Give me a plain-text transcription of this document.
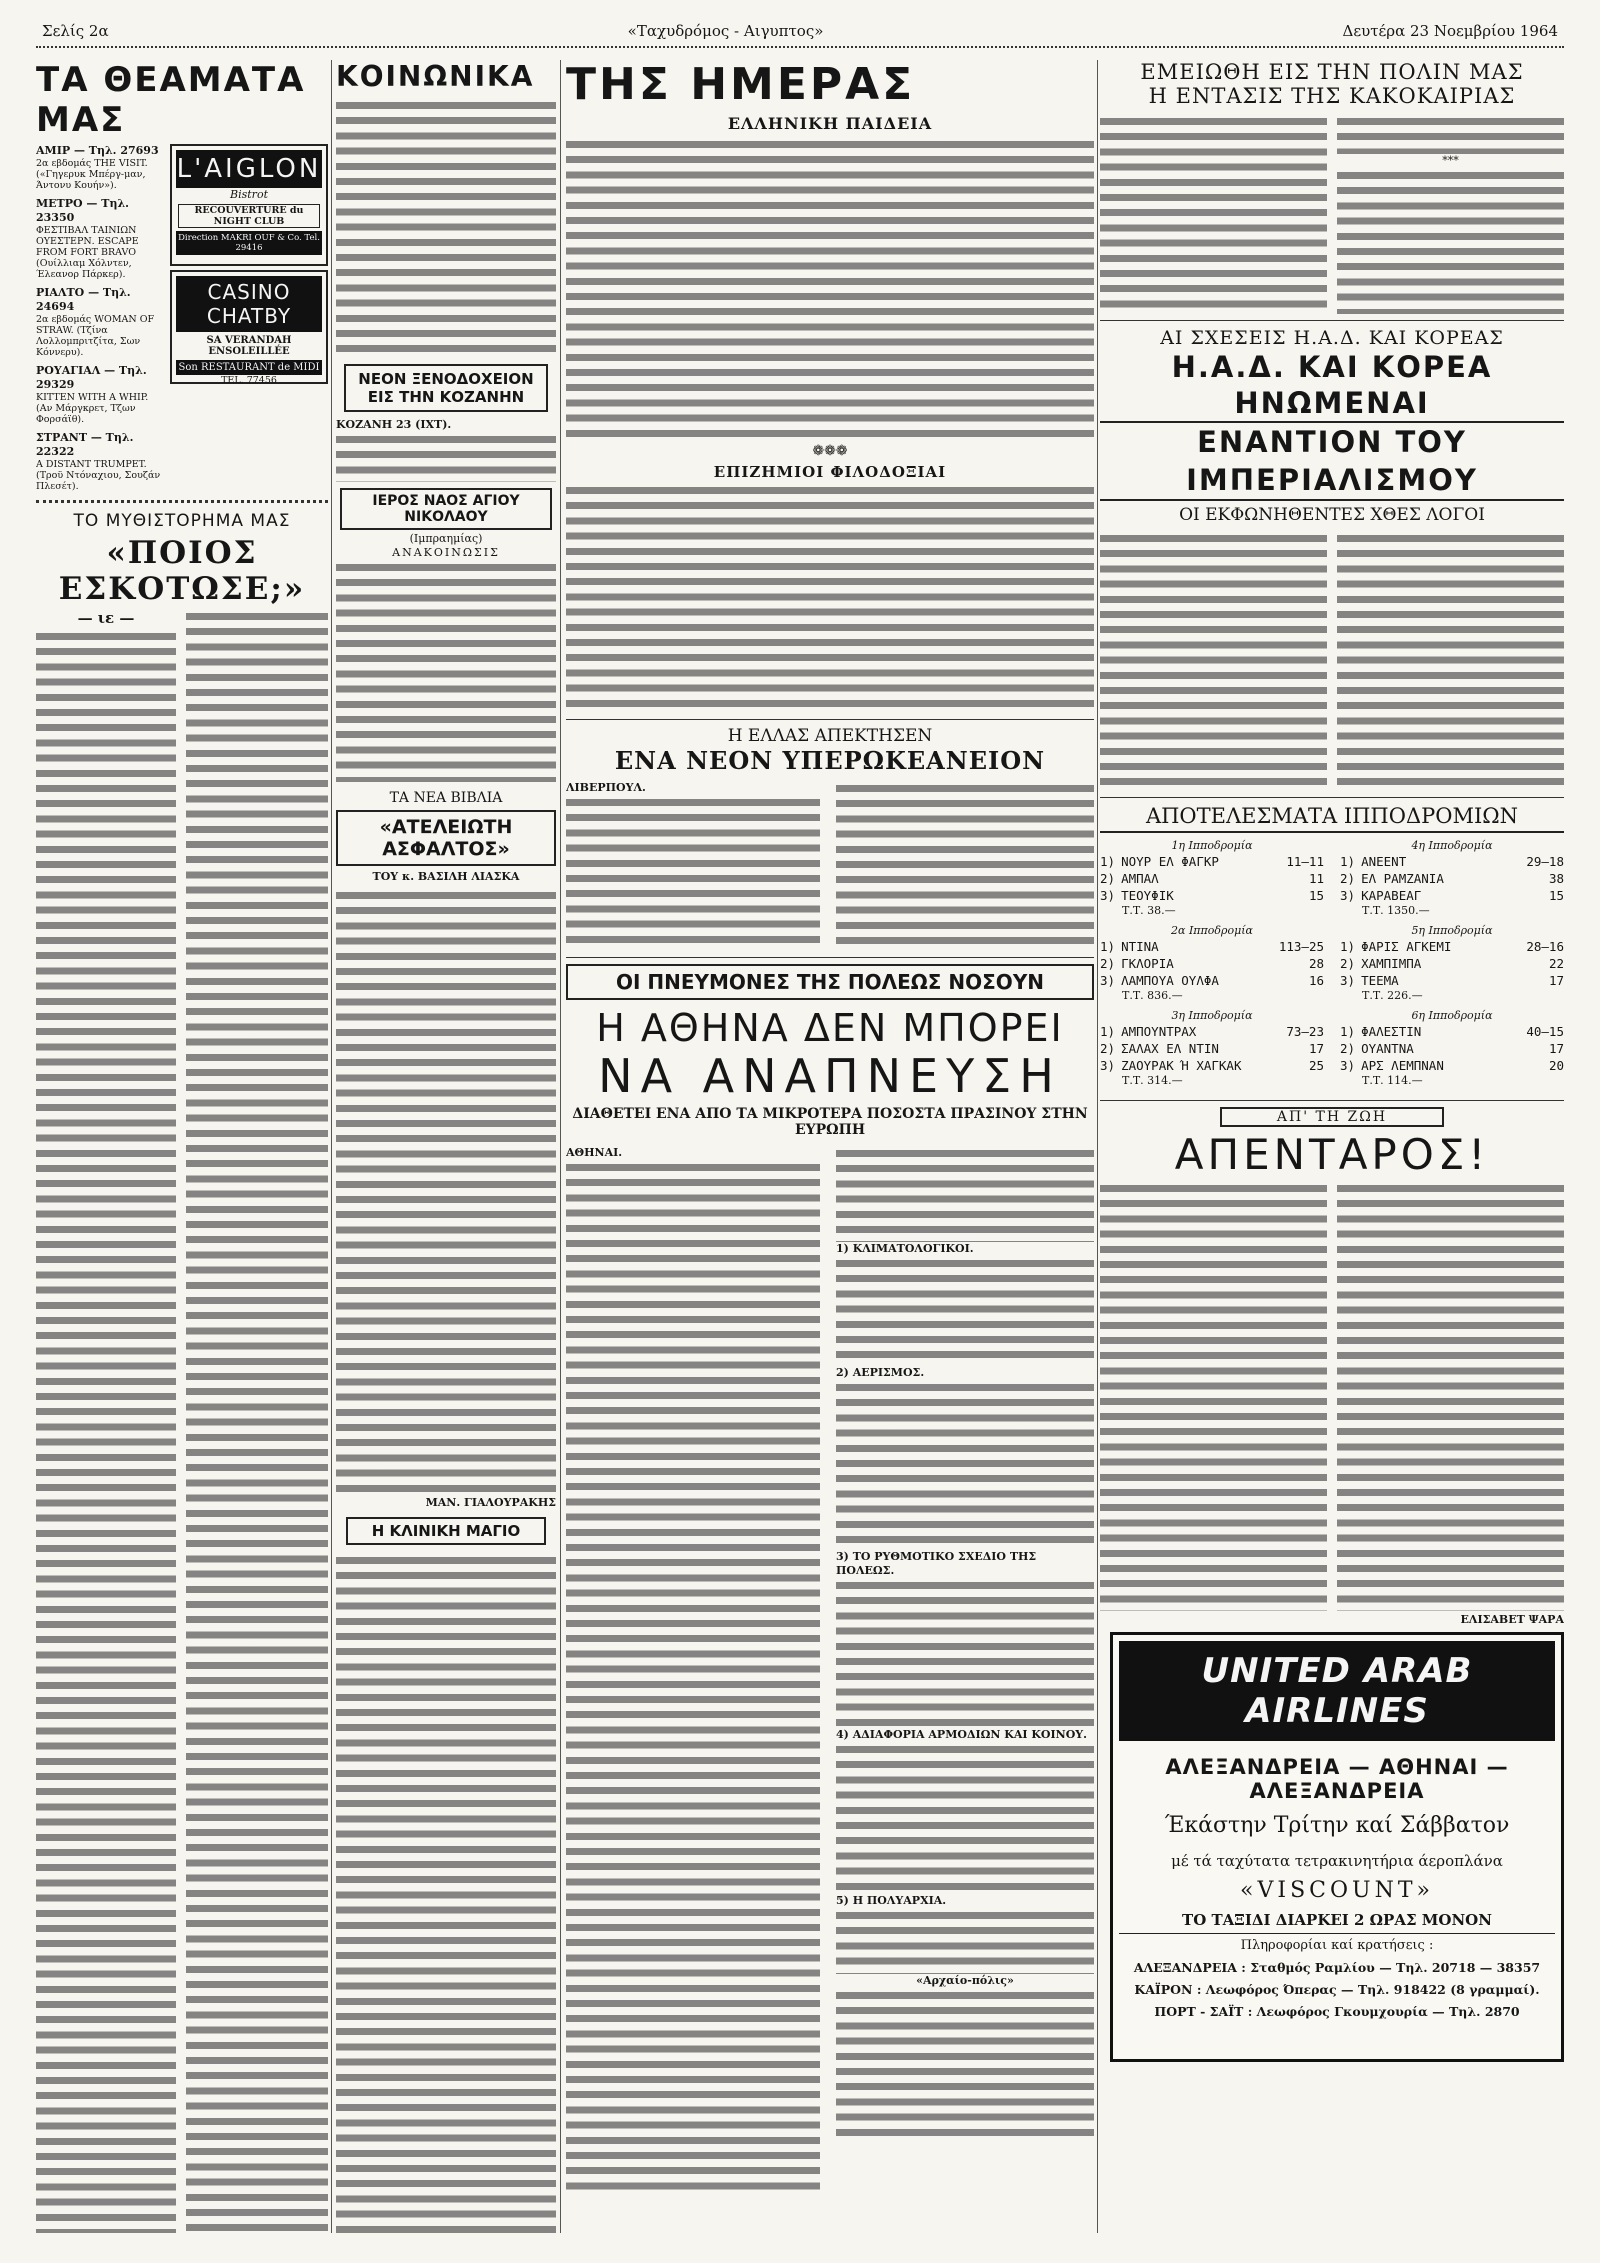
Σελίς 2α	«Ταχυδρόμος - Αιγυπτος»	Δευτέρα 23 Νοεμβρίου 1964
ΤΑ ΘΕΑΜΑΤΑ ΜΑΣ
ΑΜΙΡ — Τηλ. 27693
2α εβδομάς THE VISIT. («Γηγερυκ Μπέργ-μαν, Άντονυ Κουήν»).
ΜΕΤΡΟ — Τηλ. 23350
ΦΕΣΤΙΒΑΛ ΤΑΙΝΙΩΝ ΟΥΕΣΤΕΡΝ. ESCAPE FROM FORT BRAVO (Ουίλλιαμ Χόλντεν, Έλεανορ Πάρκερ).
ΡΙΑΛΤΟ — Τηλ. 24694
2α εβδομάς WOMAN OF STRAW. (Τζίνα Λολλομπριτζίτα, Σων Κόννερυ).
ΡΟΥΑΓΙΑΛ — Τηλ. 29329
KITTEN WITH A WHIP. (Αν Μάργκρετ, Τζων Φορσάϊθ).
ΣΤΡΑΝΤ — Τηλ. 22322
A DISTANT TRUMPET. (Τροϋ Ντόναχιου, Σουζάν Πλεσέτ).
L'AIGLON
Bistrot
RECOUVERTURE du NIGHT CLUB
Direction MAKRI OUF & Co. Tel. 29416
CASINO CHATBY
SA VERANDAH ENSOLEILLÉE
Son RESTAURANT de MIDI
TEL. 77456
ΤΟ ΜΥΘΙΣΤΟΡΗΜΑ ΜΑΣ
«ΠΟΙΟΣ ΕΣΚΟΤΩΣΕ;»
— ιε —
ΚΟΙΝΩΝΙΚΑ
ΝΕΟΝ ΞΕΝΟΔΟΧΕΙΟΝ ΕΙΣ ΤΗΝ ΚΟΖΑΝΗΝ
ΚΟΖΑΝΗ 23 (ΙΧΤ).
ΙΕΡΟΣ ΝΑΟΣ ΑΓΙΟΥ ΝΙΚΟΛΑΟΥ
(Ιμπραημίας)
ΑΝΑΚΟΙΝΩΣΙΣ
ΤΑ ΝΕΑ ΒΙΒΛΙΑ
«ΑΤΕΛΕΙΩΤΗ ΑΣΦΑΛΤΟΣ»
ΤΟΥ κ. ΒΑΣΙΛΗ ΛΙΑΣΚΑ
ΜΑΝ. ΓΙΑΛΟΥΡΑΚΗΣ
Η ΚΛΙΝΙΚΗ ΜΑΓΙΟ
ΤΗΣ ΗΜΕΡΑΣ
ΕΛΛΗΝΙΚΗ ΠΑΙΔΕΙΑ
❁❁❁
ΕΠΙΖΗΜΙΟΙ ΦΙΛΟΔΟΞΙΑΙ
Η ΕΛΛΑΣ ΑΠΕΚΤΗΣΕΝ
ΕΝΑ ΝΕΟΝ ΥΠΕΡΩΚΕΑΝΕΙΟΝ
ΛΙΒΕΡΠΟΥΛ.
ΟΙ ΠΝΕΥΜΟΝΕΣ ΤΗΣ ΠΟΛΕΩΣ ΝΟΣΟΥΝ
Η ΑΘΗΝΑ ΔΕΝ ΜΠΟΡΕΙ
ΝΑ ΑΝΑΠΝΕΥΣΗ
ΔΙΑΘΕΤΕΙ ΕΝΑ ΑΠΟ ΤΑ ΜΙΚΡΟΤΕΡΑ ΠΟΣΟΣΤΑ ΠΡΑΣΙΝΟΥ ΣΤΗΝ ΕΥΡΩΠΗ
ΑΘΗΝΑΙ.
1) ΚΛΙΜΑΤΟΛΟΓΙΚΟΙ.
2) ΑΕΡΙΣΜΟΣ.
3) ΤΟ ΡΥΘΜΟΤΙΚΟ ΣΧΕΔΙΟ ΤΗΣ ΠΟΛΕΩΣ.
4) ΑΔΙΑΦΟΡΙΑ ΑΡΜΟΔΙΩΝ ΚΑΙ ΚΟΙΝΟΥ.
5) Η ΠΟΛΥΑΡΧΙΑ.
«Αρχαίο-πόλις»
ΕΜΕΙΩΘΗ ΕΙΣ ΤΗΝ ΠΟΛΙΝ ΜΑΣ
Η ΕΝΤΑΣΙΣ ΤΗΣ ΚΑΚΟΚΑΙΡΙΑΣ
***
ΑΙ ΣΧΕΣΕΙΣ Η.Α.Δ. ΚΑΙ ΚΟΡΕΑΣ
Η.Α.Δ. ΚΑΙ ΚΟΡΕΑ ΗΝΩΜΕΝΑΙ
ΕΝΑΝΤΙΟΝ ΤΟΥ ΙΜΠΕΡΙΑΛΙΣΜΟΥ
ΟΙ ΕΚΦΩΝΗΘΕΝΤΕΣ ΧΘΕΣ ΛΟΓΟΙ
ΑΠΟΤΕΛΕΣΜΑΤΑ ΙΠΠΟΔΡΟΜΙΩΝ
1η Ιπποδρομία
1) ΝΟΥΡ ΕΛ ΦΑΓΚΡ	11—11
2) ΑΜΠΑΛ	11
3) ΤΕΟΥΦΙΚ	15
Τ.Τ. 38.—
2α Ιπποδρομία
1) ΝΤΙΝΑ	113—25
2) ΓΚΛΟΡΙΑ	28
3) ΛΑΜΠΟΥΑ ΟΥΛΦΑ	16
Τ.Τ. 836.—
3η Ιπποδρομία
1) ΑΜΠΟΥΝΤΡΑΧ	73—23
2) ΣΑΛΑΧ ΕΛ ΝΤΙΝ	17
3) ΖΑΟΥΡΑΚ Ή ΧΑΓΚΑΚ	25
Τ.Τ. 314.—
4η Ιπποδρομία
1) ΑΝΕΕΝΤ	29—18
2) ΕΛ ΡΑΜΖΑΝΙΑ	38
3) ΚΑΡΑΒΕΑΓ	15
Τ.Τ. 1350.—
5η Ιπποδρομία
1) ΦΑΡΙΣ ΑΓΚΕΜΙ	28—16
2) ΧΑΜΠΙΜΠΑ	22
3) ΤΕΕΜΑ	17
Τ.Τ. 226.—
6η Ιπποδρομία
1) ΦΑΛΕΣΤΙΝ	40—15
2) ΟΥΑΝΤΝΑ	17
3) ΑΡΣ ΛΕΜΠΝΑΝ	20
Τ.Τ. 114.—
ΑΠ' ΤΗ ΖΩΗ
ΑΠΕΝΤΑΡΟΣ!
ΕΛΙΣΑΒΕΤ ΨΑΡΑ
UNITED ARAB AIRLINES
ΑΛΕΞΑΝΔΡΕΙΑ — ΑΘΗΝΑΙ — ΑΛΕΞΑΝΔΡΕΙΑ
Έκάστην Τρίτην καί Σάββατον
μέ τά ταχύτατα τετρακινητήρια άεροπλάνα
«VISCOUNT»
ΤΟ ΤΑΞΙΔΙ ΔΙΑΡΚΕΙ 2 ΩΡΑΣ ΜΟΝΟΝ
Πληροφορίαι καί κρατήσεις :
ΑΛΕΞΑΝΔΡΕΙΑ : Σταθμός Ραμλίου — Τηλ. 20718 — 38357
ΚΑΪΡΟΝ : Λεωφόρος Όπερας — Τηλ. 918422 (8 γραμμαί).
ΠΟΡΤ - ΣΑΪΤ : Λεωφόρος Γκουμχουρία — Τηλ. 2870
